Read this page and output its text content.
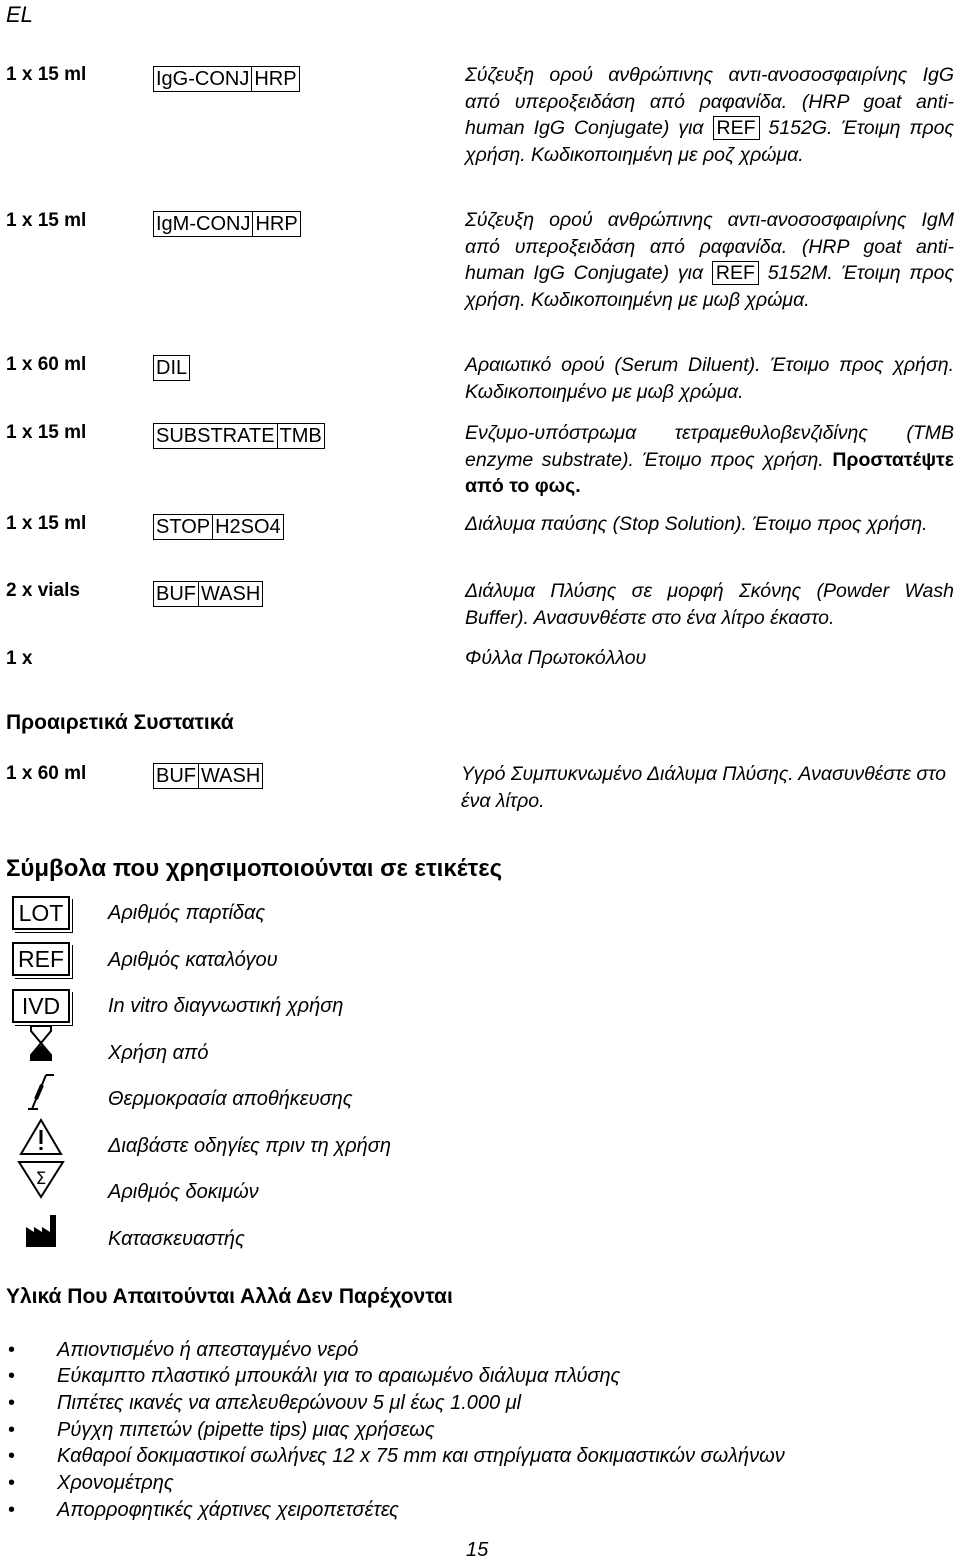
EL
1 x 15 ml	IgG-CONJ HRP	Σύζευξη ορού ανθρώπινης αντι-ανοσοσφαιρίνης IgG από υπεροξειδάση από ραφανίδα. (HRP goat anti-human IgG Conjugate) για REF 5152G. Έτοιμη προς χρήση. Κωδικοποιημένη με ροζ χρώμα.
1 x 15 ml	IgM-CONJ HRP	Σύζευξη ορού ανθρώπινης αντι-ανοσοσφαιρίνης IgM από υπεροξειδάση από ραφανίδα. (HRP goat anti-human IgG Conjugate) για REF 5152M. Έτοιμη προς χρήση. Κωδικοποιημένη με μωβ χρώμα.
1 x 60 ml	DIL	Αραιωτικό ορού (Serum Diluent). Έτοιμο προς χρήση. Κωδικοποιημένο με μωβ χρώμα.
1 x 15 ml	SUBSTRATE TMB	Ενζυμο-υπόστρωμα τετραμεθυλοβενζιδίνης (TMB enzyme substrate). Έτοιμο προς χρήση. Προστατέψτε από το φως.
1 x 15 ml	STOP H2SO4	Διάλυμα παύσης (Stop Solution). Έτοιμο προς χρήση.
2 x vials	BUF WASH	Διάλυμα Πλύσης σε μορφή Σκόνης (Powder Wash Buffer). Ανασυνθέστε στο ένα λίτρο έκαστο.
1 x	Φύλλα Πρωτοκόλλου
Προαιρετικά Συστατικά
1 x 60 ml	BUF WASH	Υγρό Συμπυκνωμένο Διάλυμα Πλύσης. Ανασυνθέστε στο ένα λίτρο.
Σύμβολα που χρησιμοποιούνται σε ετικέτες
LOT	Αριθμός παρτίδας
REF	Αριθμός καταλόγου
IVD	In vitro διαγνωστική χρήση
Χρήση από
Θερμοκρασία αποθήκευσης
Διαβάστε οδηγίες πριν τη χρήση
Σ
Αριθμός δοκιμών
Κατασκευαστής
Υλικά Που Απαιτούνται Αλλά Δεν Παρέχονται
• Απιοντισμένο ή απεσταγμένο νερό
• Εύκαμπτο πλαστικό μπουκάλι για το αραιωμένο διάλυμα πλύσης
• Πιπέτες ικανές να απελευθερώνουν 5 μl έως 1.000 μl
• Ρύγχη πιπετών (pipette tips) μιας χρήσεως
• Καθαροί δοκιμαστικοί σωλήνες 12 x 75 mm και στηρίγματα δοκιμαστικών σωλήνων
• Χρονομέτρης
• Απορροφητικές χάρτινες χειροπετσέτες
15
